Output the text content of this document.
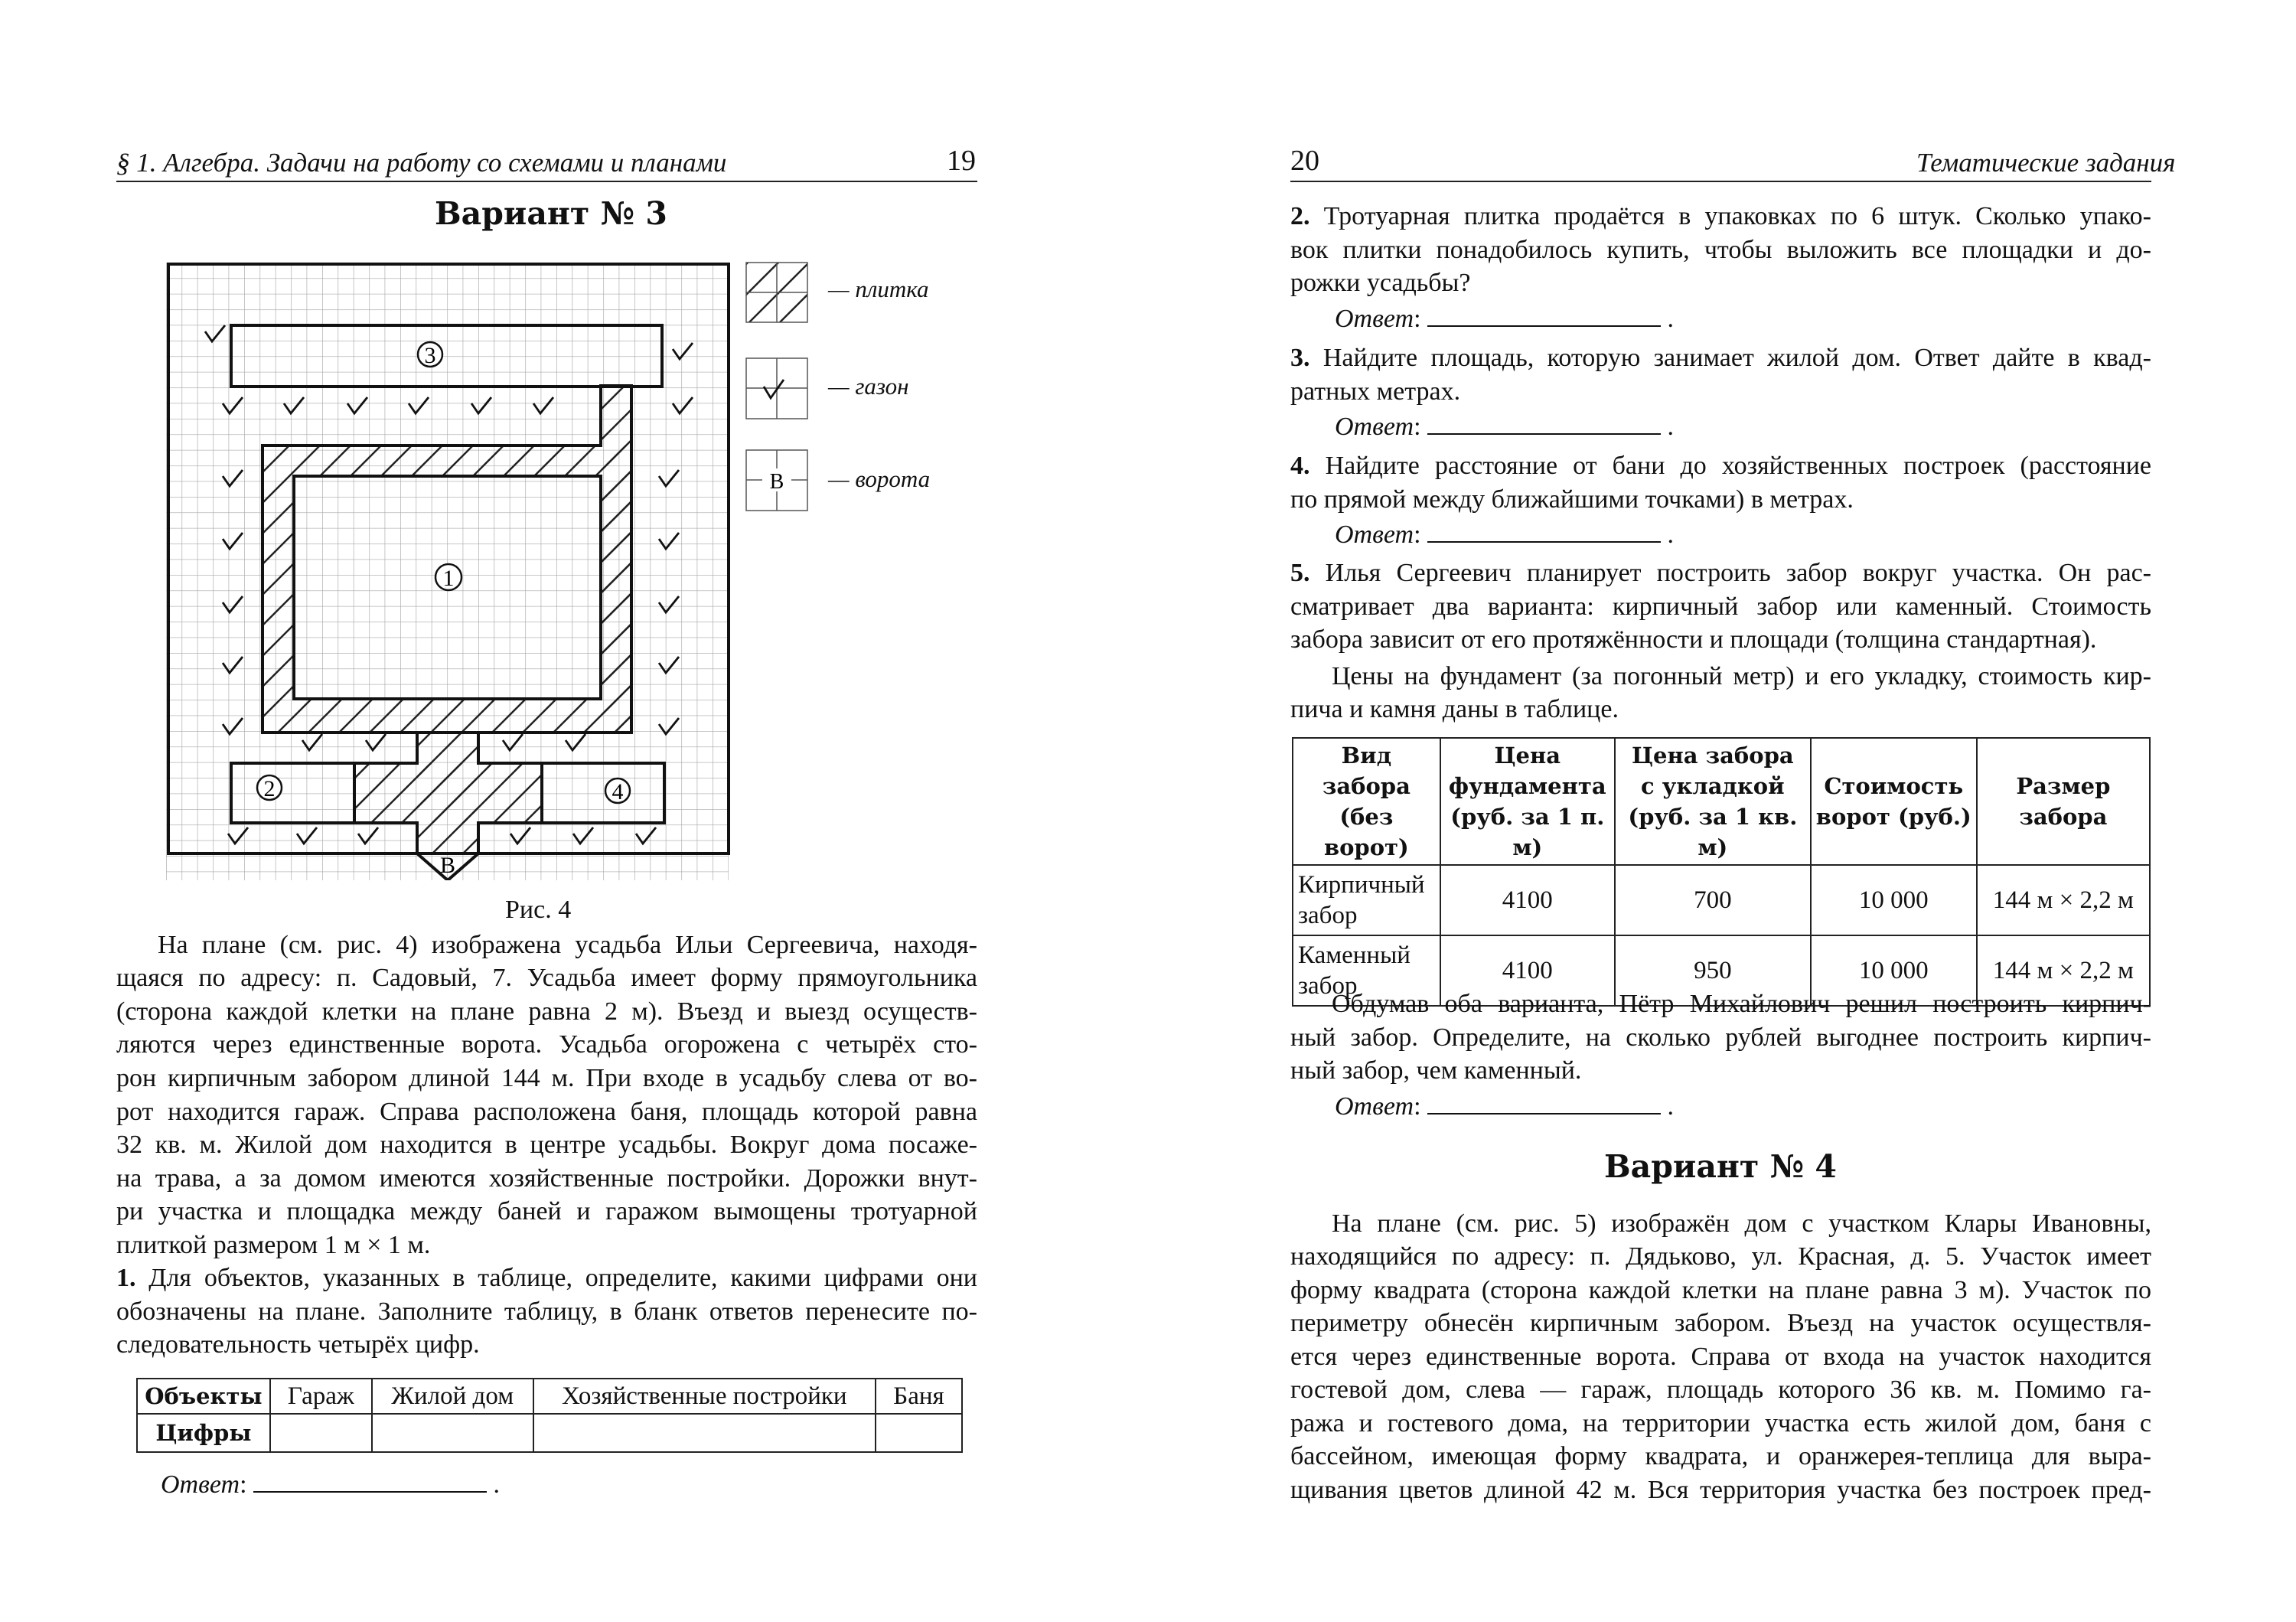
§ 1. Алгебра. Задачи на работу со схемами и планами	19
Вариант № 3
1
2
3
4
В
В
— плитка
— газон
— ворота
Рис. 4
На плане (см. рис. 4) изображена усадьба Ильи Сергеевича, находя-
щаяся по адресу: п. Садовый, 7. Усадьба имеет форму прямоугольника
(сторона каждой клетки на плане равна 2 м). Въезд и выезд осуществ-
ляются через единственные ворота. Усадьба огорожена с четырёх сто-
рон кирпичным забором длиной 144 м. При входе в усадьбу слева от во-
рот находится гараж. Справа расположена баня, площадь которой равна
32 кв. м. Жилой дом находится в центре усадьбы. Вокруг дома посаже-
на трава, а за домом имеются хозяйственные постройки. Дорожки внут-
ри участка и площадка между баней и гаражом вымощены тротуарной
плиткой размером 1 м × 1 м.
1. Для объектов, указанных в таблице, определите, какими цифрами они
обозначены на плане. Заполните таблицу, в бланк ответов перенесите по-
следовательность четырёх цифр.
Объекты	Гараж	Жилой дом	Хозяйственные постройки	Баня
Цифры				
Ответ:	.
20	Тематические задания
2. Тротуарная плитка продаётся в упаковках по 6 штук. Сколько упако-
вок плитки понадобилось купить, чтобы выложить все площадки и до-
рожки усадьбы?
Ответ:	.
3. Найдите площадь, которую занимает жилой дом. Ответ дайте в квад-
ратных метрах.
Ответ:	.
4. Найдите расстояние от бани до хозяйственных построек (расстояние
по прямой между ближайшими точками) в метрах.
Ответ:	.
5. Илья Сергеевич планирует построить забор вокруг участка. Он рас-
сматривает два варианта: кирпичный забор или каменный. Стоимость
забора зависит от его протяжённости и площади (толщина стандартная).
Цены на фундамент (за погонный метр) и его укладку, стоимость кир-
пича и камня даны в таблице.
Вид забора
(без ворот)	Цена
фундамента
(руб. за 1 п. м)	Цена забора
с укладкой
(руб. за 1 кв. м)	Стоимость
ворот (руб.)	Размер
забора
Кирпичный
забор	4100	700	10 000	144 м × 2,2 м
Каменный
забор	4100	950	10 000	144 м × 2,2 м
Обдумав оба варианта, Пётр Михайлович решил построить кирпич-
ный забор. Определите, на сколько рублей выгоднее построить кирпич-
ный забор, чем каменный.
Ответ:	.
Вариант № 4
На плане (см. рис. 5) изображён дом с участком Клары Ивановны,
находящийся по адресу: п. Дядьково, ул. Красная, д. 5. Участок имеет
форму квадрата (сторона каждой клетки на плане равна 3 м). Участок по
периметру обнесён кирпичным забором. Въезд на участок осуществля-
ется через единственные ворота. Справа от входа на участок находится
гостевой дом, слева — гараж, площадь которого 36 кв. м. Помимо га-
ража и гостевого дома, на территории участка есть жилой дом, баня с
бассейном, имеющая форму квадрата, и оранжерея-теплица для выра-
щивания цветов длиной 42 м. Вся территория участка без построек пред-
